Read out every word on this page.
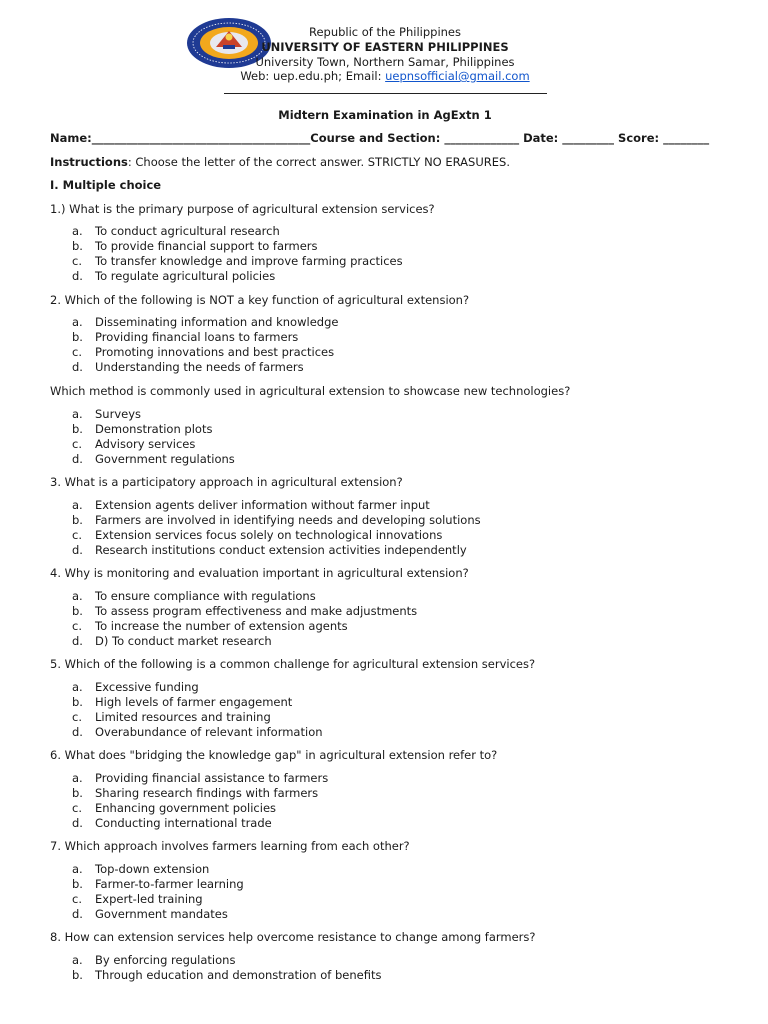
Republic of the Philippines
UNIVERSITY OF EASTERN PHILIPPINES
University Town, Northern Samar, Philippines
Web: uep.edu.ph; Email: uepnsofficial@gmail.com
Midtern Examination in AgExtn 1
Name:______________________________________Course and Section: _____________ Date: _________ Score: ________
Instructions: Choose the letter of the correct answer. STRICTLY NO ERASURES.
I. Multiple choice
1.) What is the primary purpose of agricultural extension services?
a. To conduct agricultural research
b. To provide financial support to farmers
c. To transfer knowledge and improve farming practices
d. To regulate agricultural policies
2. Which of the following is NOT a key function of agricultural extension?
a. Disseminating information and knowledge
b. Providing financial loans to farmers
c. Promoting innovations and best practices
d. Understanding the needs of farmers
Which method is commonly used in agricultural extension to showcase new technologies?
a. Surveys
b. Demonstration plots
c. Advisory services
d. Government regulations
3. What is a participatory approach in agricultural extension?
a. Extension agents deliver information without farmer input
b. Farmers are involved in identifying needs and developing solutions
c. Extension services focus solely on technological innovations
d. Research institutions conduct extension activities independently
4. Why is monitoring and evaluation important in agricultural extension?
a. To ensure compliance with regulations
b. To assess program effectiveness and make adjustments
c. To increase the number of extension agents
d. D) To conduct market research
5. Which of the following is a common challenge for agricultural extension services?
a. Excessive funding
b. High levels of farmer engagement
c. Limited resources and training
d. Overabundance of relevant information
6. What does "bridging the knowledge gap" in agricultural extension refer to?
a. Providing financial assistance to farmers
b. Sharing research findings with farmers
c. Enhancing government policies
d. Conducting international trade
7. Which approach involves farmers learning from each other?
a. Top-down extension
b. Farmer-to-farmer learning
c. Expert-led training
d. Government mandates
8. How can extension services help overcome resistance to change among farmers?
a. By enforcing regulations
b. Through education and demonstration of benefits
